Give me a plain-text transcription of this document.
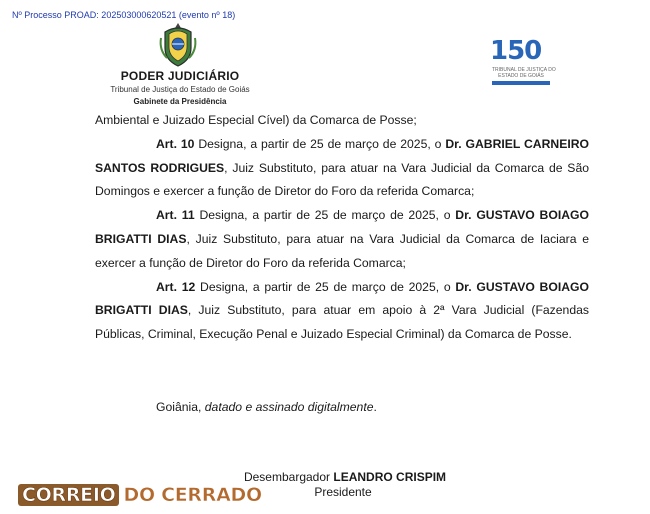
Nº Processo PROAD: 202503000620521 (evento nº 18)
PODER JUDICIÁRIO
Tribunal de Justiça do Estado de Goiás
Gabinete da Presidência
150
TRIBUNAL DE JUSTIÇA DO
ESTADO DE GOIÁS

Ambiental e Juizado Especial Cível) da Comarca de Posse;

Art. 10 Designa, a partir de 25 de março de 2025, o Dr. GABRIEL CARNEIRO SANTOS RODRIGUES, Juiz Substituto, para atuar na Vara Judicial da Comarca de São Domingos e exercer a função de Diretor do Foro da referida Comarca;

Art. 11 Designa, a partir de 25 de março de 2025, o Dr. GUSTAVO BOIAGO BRIGATTI DIAS, Juiz Substituto, para atuar na Vara Judicial da Comarca de Iaciara e exercer a função de Diretor do Foro da referida Comarca;

Art. 12 Designa, a partir de 25 de março de 2025, o Dr. GUSTAVO BOIAGO BRIGATTI DIAS, Juiz Substituto, para atuar em apoio à 2ª Vara Judicial (Fazendas Públicas, Criminal, Execução Penal e Juizado Especial Criminal) da Comarca de Posse.

Goiânia, datado e assinado digitalmente.
Desembargador LEANDRO CRISPIM
Presidente
CORREIO DO CERRADO
